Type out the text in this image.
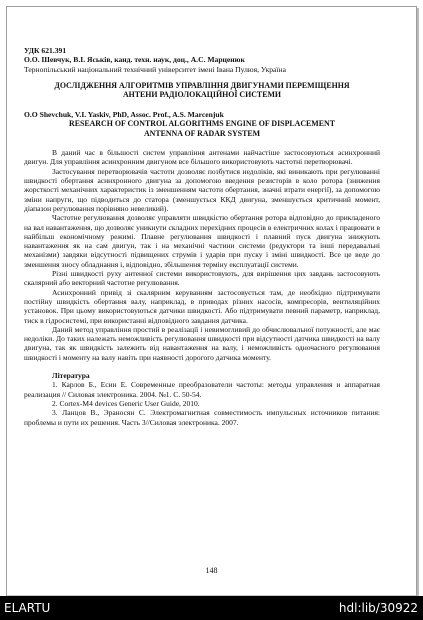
УДК 621.391
О.О. Шевчук, В.І. Яськів, канд. техн. наук, доц., А.С. Марценюк
Тернопільський національний технічний університет імені Івана Пулюя, Україна
ДОСЛІДЖЕННЯ АЛГОРИТМІВ УПРАВЛІННЯ ДВИГУНАМИ ПЕРЕМІЩЕННЯ
АНТЕНИ РАДІОЛОКАЦІЙНОЇ СИСТЕМИ
O.O Shevchuk, V.I. Yaskiv, PhD, Assoc. Prof., A.S. Marcenjuk
RESEARCH OF CONTROL ALGORITHMS ENGINE OF DISPLACEMENT
ANTENNA OF RADAR SYSTEM

В даний час в більшості систем управління антенами найчастіше застосовуються асинхронний двигун. Для управління асинхронним двигуном все більшого використовують частотні перетворювачі.

Застосування перетворювачів частоти дозволяє позбутися недоліків, які виникають при регулюванні швидкості обертання асинхронного двигуна за допомогою введення резисторів в коло ротора (зниження жорсткості механічних характеристик із зменшенням частоти обертання, значні втрати енергії), за допомогою зміни напруги, що підводиться до статора (зменшується ККД двигуна, зменшується критичний момент, діапазон регулювання порівняно невеликий).

Частотне регулювання дозволяє управляти швидкістю обертання ротора відповідно до прикладеного на вал навантаження, що дозволяє уникнути складних перехідних процесів в електричних колах і працювати в найбільш економічному режимі. Плавне регулювання швидкості і плавний пуск двигуна знижують навантаження як на сам двигун, так і на механічні частини системи (редуктори та інші передавальні механізми) завдяки відсутності підвищених струмів і ударів при пуску і зміні швидкості. Все це веде до зменшення зносу обладнання і, відповідно, збільшення терміну експлуатації системи.

Різні швидкості руху антенної системи використовують, для вирішення цих завдань застосовують скалярний або векторний частотне регулювання.

Асинхронний привід зі скалярним керуванням застосовується там, де необхідно підтримувати постійну швидкість обертання валу, наприклад, в приводах різних насосів, компресорів, вентиляційних установок. При цьому використовуються датчики швидкості. Або підтримувати певний параметр, наприклад, тиск в гідросистемі, при використанні відповідного завдання датчика.

Даний метод управління простий в реалізації і невимогливий до обчислювальної потужності, але має недоліки. До таких належать неможливість регулювання швидкості при відсутності датчика швидкості на валу двигуна, так як швидкість залежить від навантаження на валу, і неможливість одночасного регулювання швидкості і моменту на валу навіть при наявності дорогого датчика моменту.

Література

1. Карлов Б., Есин Е. Современные преобразователи частоты: методы управления и аппаратная реализация // Силовая электроника. 2004. №1. С. 50-54.

2. Cortex-M4 devices Generic User Guide, 2010.

3. Ланцов В., Эраносян С. Электромагнитная совместимость импульсных источников питания: проблемы и пути их решения. Часть 3//Силовая электроника. 2007.

148
ELARTU	hdl:lib/30922
